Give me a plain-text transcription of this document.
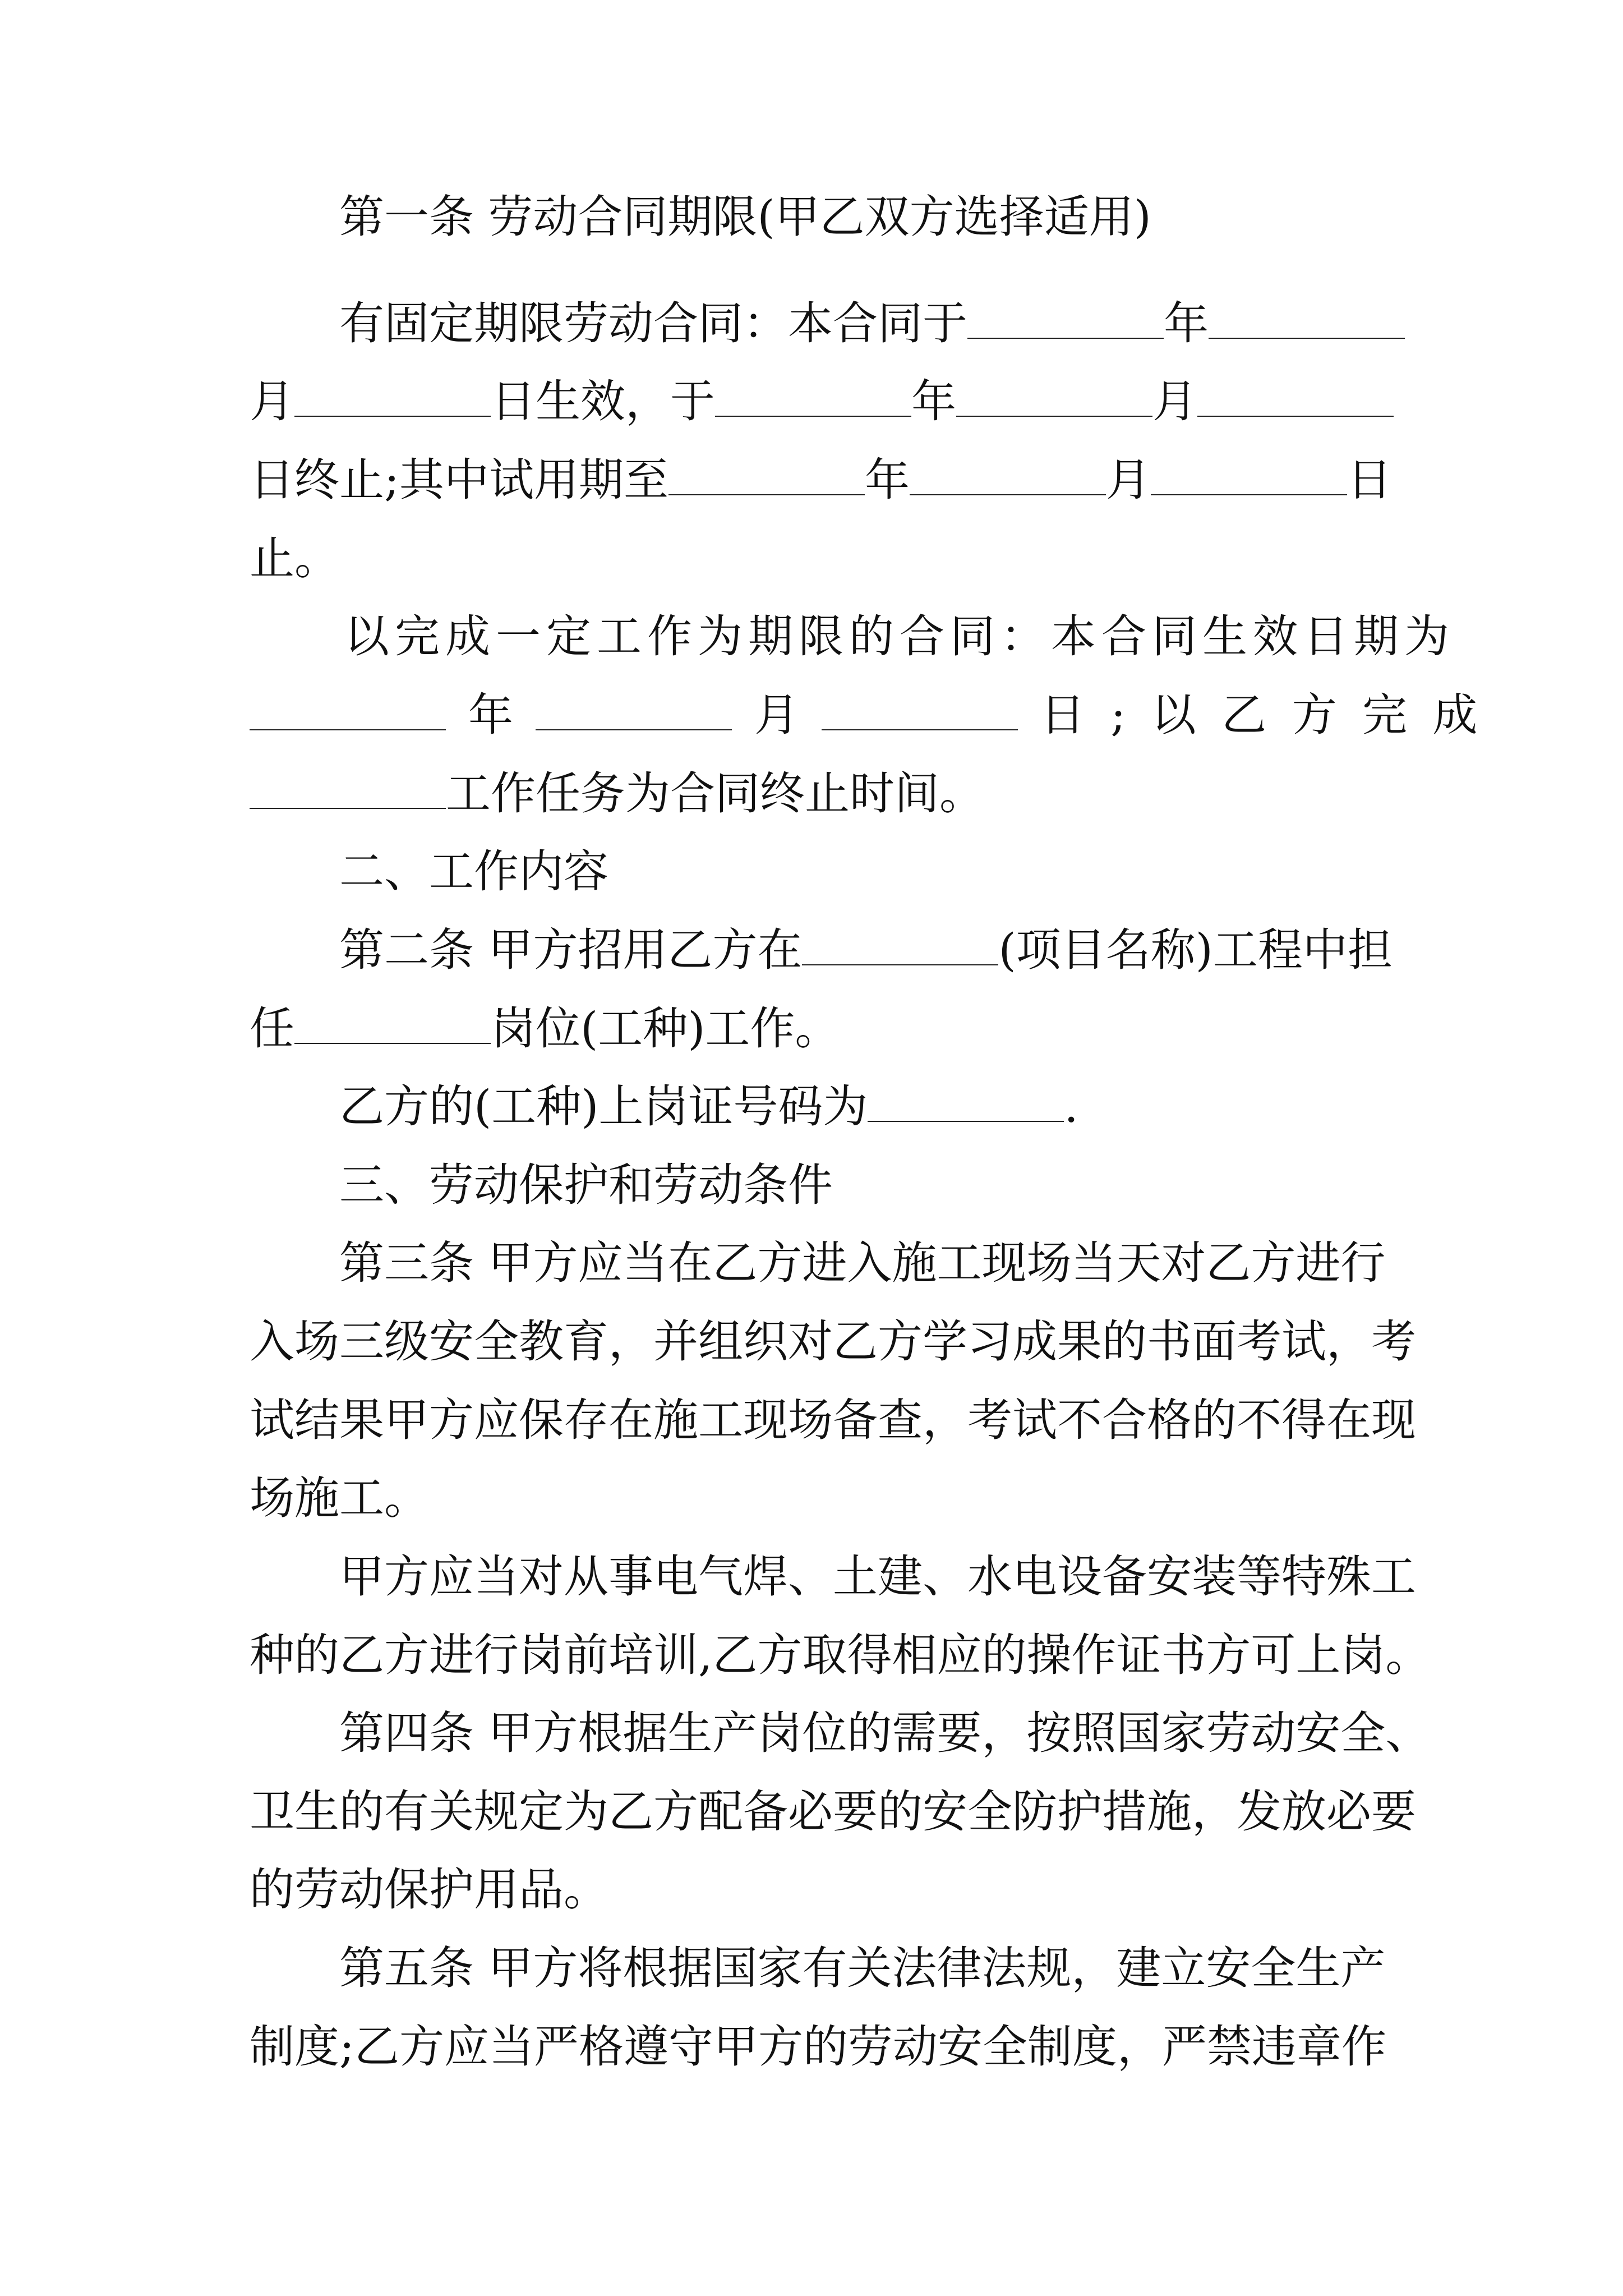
第一条 劳动合同期限(甲乙双方选择适用)
有固定期限劳动合同：本合同于	年
月	日生效，于	年	月
日终止;其中试用期至	年	月	日
止。
以完成一定工作为期限的合同：本合同生效日期为
年	月	日 ; 以 乙 方 完 成
工作任务为合同终止时间。
二、工作内容
第二条 甲方招用乙方在	(项目名称)工程中担
任	岗位(工种)工作。
乙方的(工种)上岗证号码为	.
三、劳动保护和劳动条件
第三条 甲方应当在乙方进入施工现场当天对乙方进行
入场三级安全教育，并组织对乙方学习成果的书面考试，考
试结果甲方应保存在施工现场备查，考试不合格的不得在现
场施工。
甲方应当对从事电气焊、土建、水电设备安装等特殊工
种的乙方进行岗前培训,乙方取得相应的操作证书方可上岗。
第四条 甲方根据生产岗位的需要，按照国家劳动安全、
卫生的有关规定为乙方配备必要的安全防护措施，发放必要
的劳动保护用品。
第五条 甲方将根据国家有关法律法规，建立安全生产
制度;乙方应当严格遵守甲方的劳动安全制度，严禁违章作
